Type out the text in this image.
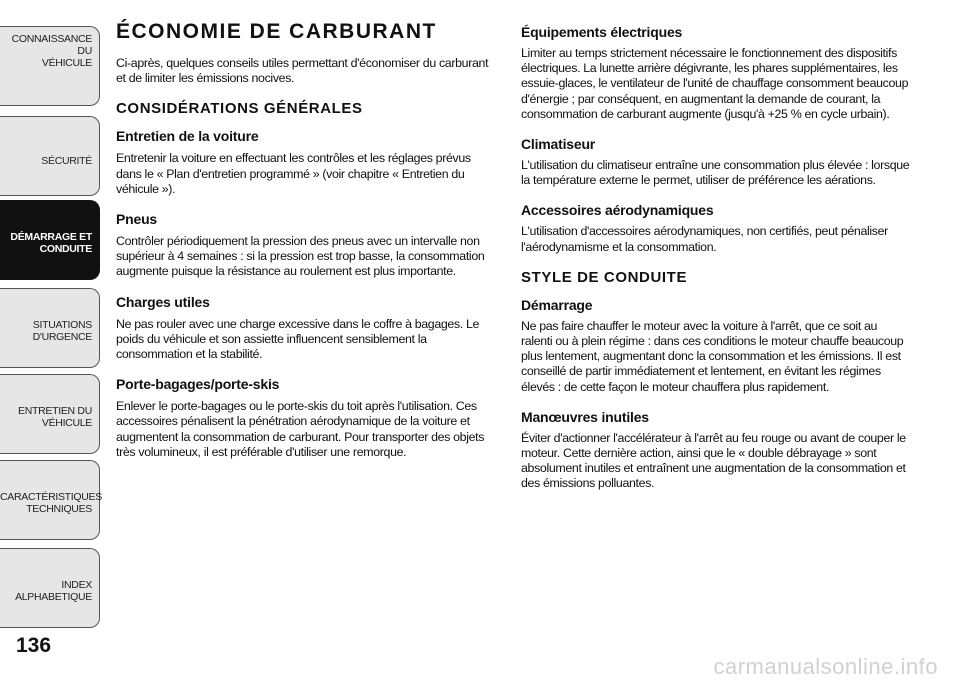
CONNAISSANCE DU
VÉHICULE
SÉCURITÉ
DÉMARRAGE ET
CONDUITE
SITUATIONS
D'URGENCE
ENTRETIEN DU
VÉHICULE
CARACTÉRISTIQUES
TECHNIQUES
INDEX
ALPHABETIQUE
136
ÉCONOMIE DE CARBURANT

Ci-après, quelques conseils utiles permettant d'économiser du carburant et de limiter les émissions nocives.

CONSIDÉRATIONS GÉNÉRALES
Entretien de la voiture

Entretenir la voiture en effectuant les contrôles et les réglages prévus dans le « Plan d'entretien programmé » (voir chapitre « Entretien du véhicule »).

Pneus

Contrôler périodiquement la pression des pneus avec un intervalle non supérieur à 4 semaines : si la pression est trop basse, la consommation augmente puisque la résistance au roulement est plus importante.

Charges utiles

Ne pas rouler avec une charge excessive dans le coffre à bagages. Le poids du véhicule et son assiette influencent sensiblement la consommation et la stabilité.

Porte-bagages/porte-skis

Enlever le porte-bagages ou le porte-skis du toit après l'utilisation. Ces accessoires pénalisent la pénétration aérodynamique de la voiture et augmentent la consommation de carburant. Pour transporter des objets très volumineux, il est préférable d'utiliser une remorque.

Équipements électriques

Limiter au temps strictement nécessaire le fonctionnement des dispositifs électriques. La lunette arrière dégivrante, les phares supplémentaires, les essuie-glaces, le ventilateur de l'unité de chauffage consomment beaucoup d'énergie ; par conséquent, en augmentant la demande de courant, la consommation de carburant augmente (jusqu'à +25 % en cycle urbain).

Climatiseur

L'utilisation du climatiseur entraîne une consommation plus élevée : lorsque la température externe le permet, utiliser de préférence les aérations.

Accessoires aérodynamiques

L'utilisation d'accessoires aérodynamiques, non certifiés, peut pénaliser l'aérodynamisme et la consommation.

STYLE DE CONDUITE
Démarrage

Ne pas faire chauffer le moteur avec la voiture à l'arrêt, que ce soit au ralenti ou à plein régime : dans ces conditions le moteur chauffe beaucoup plus lentement, augmentant donc la consommation et les émissions. Il est conseillé de partir immédiatement et lentement, en évitant les régimes élevés : de cette façon le moteur chauffera plus rapidement.

Manœuvres inutiles

Éviter d'actionner l'accélérateur à l'arrêt au feu rouge ou avant de couper le moteur. Cette dernière action, ainsi que le « double débrayage » sont absolument inutiles et entraînent une augmentation de la consommation et des émissions polluantes.

carmanualsonline.info
